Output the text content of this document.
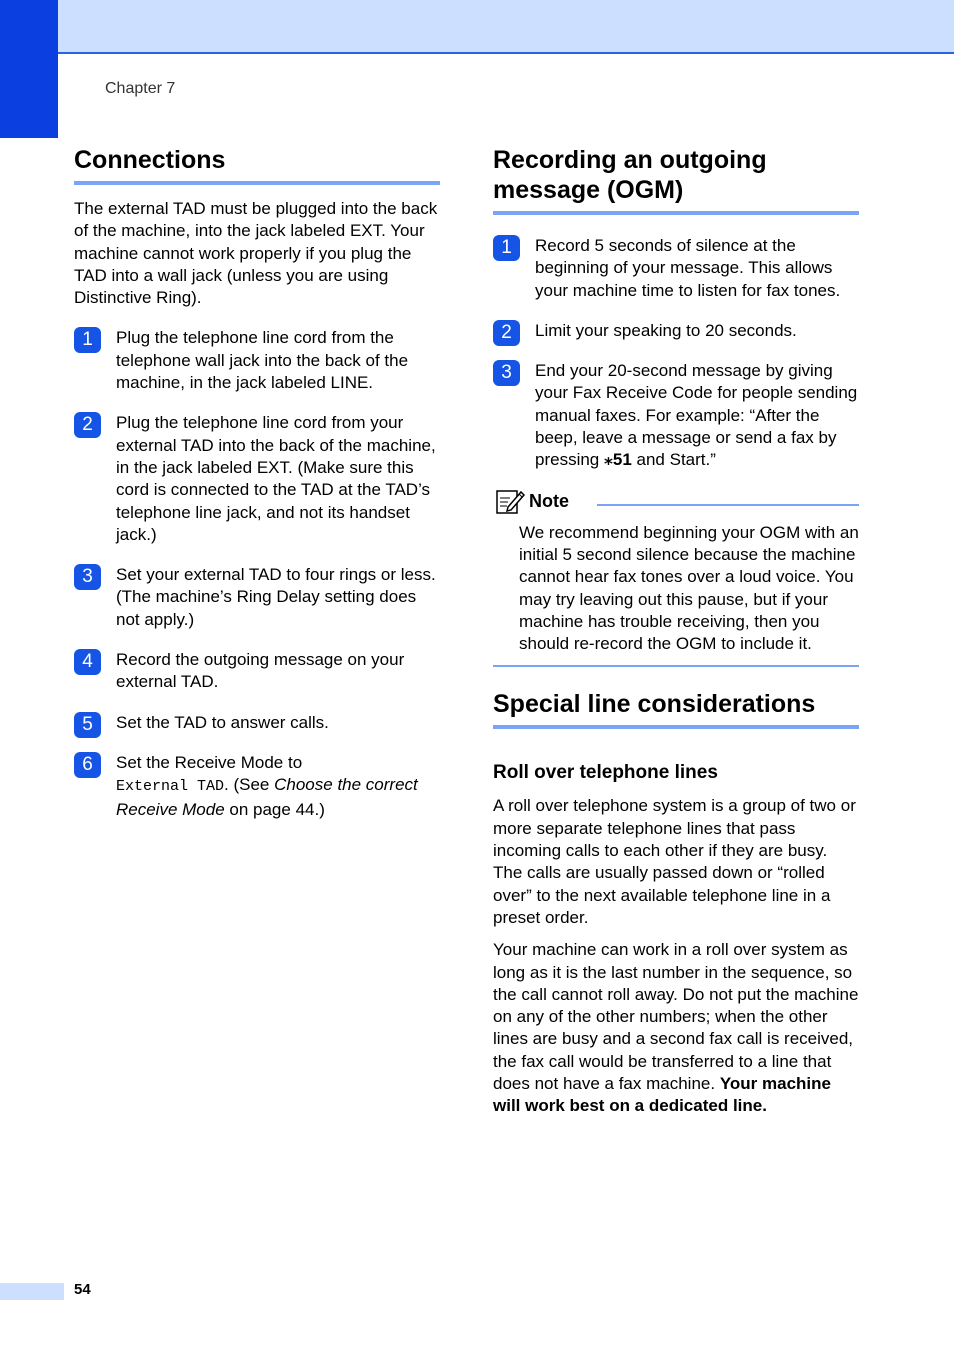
Chapter 7
Connections

The external TAD must be plugged into the back of the machine, into the jack labeled EXT. Your machine cannot work properly if you plug the TAD into a wall jack (unless you are using Distinctive Ring).

1	Plug the telephone line cord from the telephone wall jack into the back of the machine, in the jack labeled LINE.
2	Plug the telephone line cord from your external TAD into the back of the machine, in the jack labeled EXT. (Make sure this cord is connected to the TAD at the TAD’s telephone line jack, and not its handset jack.)
3	Set your external TAD to four rings or less. (The machine’s Ring Delay setting does not apply.)
4	Record the outgoing message on your external TAD.
5	Set the TAD to answer calls.
6	Set the Receive Mode to
External TAD. (See Choose the correct Receive Mode on page 44.)
Recording an outgoing message (OGM)
1	Record 5 seconds of silence at the beginning of your message. This allows your machine time to listen for fax tones.
2	Limit your speaking to 20 seconds.
3	End your 20-second message by giving your Fax Receive Code for people sending manual faxes. For example: “After the beep, leave a message or send a fax by pressing ⁎51 and Start.”
Note

We recommend beginning your OGM with an initial 5 second silence because the machine cannot hear fax tones over a loud voice. You may try leaving out this pause, but if your machine has trouble receiving, then you should re-record the OGM to include it.

Special line considerations
Roll over telephone lines

A roll over telephone system is a group of two or more separate telephone lines that pass incoming calls to each other if they are busy. The calls are usually passed down or “rolled over” to the next available telephone line in a preset order.

Your machine can work in a roll over system as long as it is the last number in the sequence, so the call cannot roll away. Do not put the machine on any of the other numbers; when the other lines are busy and a second fax call is received, the fax call would be transferred to a line that does not have a fax machine. Your machine will work best on a dedicated line.

54
